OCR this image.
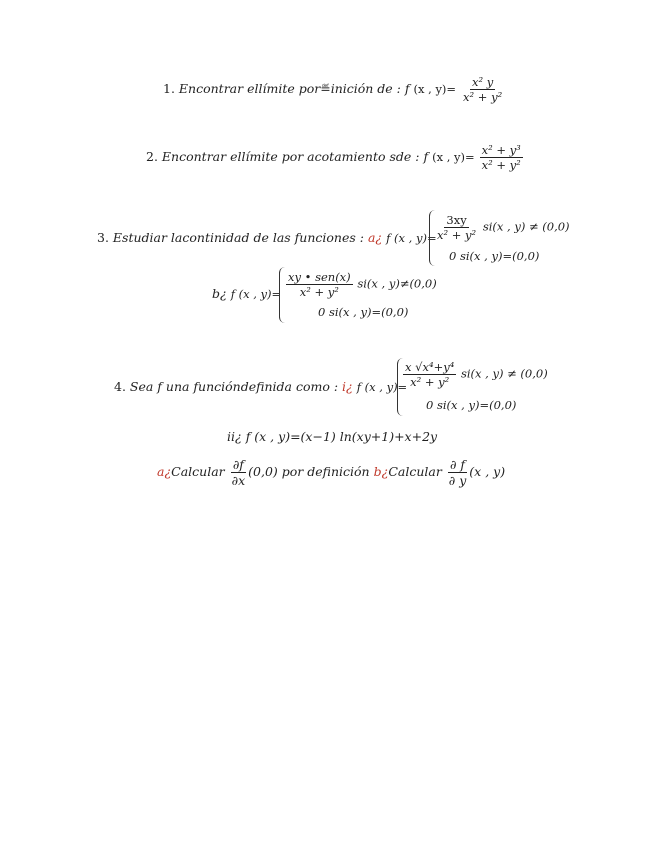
1. Encontrar ellímite por≝inición de : f (x , $y)= \frac{\text{x² y}}{\text{x² + y²}}$
2. Encontrar ellímite por acotamiento sde : f (x , $y)= \frac{\text{x² + y³}}{\text{x² + y²}}$
3. Estudiar lacontinidad de las funciones : a¿ f (x , y)=
$\frac{3xy}{\text{x² + y²}} si(x$ , y) ≠ (0,0)
0 si(x , y)=(0,0)
b¿ f (x , $y)= \frac{\text{xy • sen(x)}}{\text{x² + y²}} si(x$ , y)≠(0,0)
0 si(x , y)=(0,0)
4. Sea f una funcióndefinida como : i¿ f (x , y)=
$\frac{\text{x √x⁴+y⁴}}{\text{x² + y²}} si(x$ , y) ≠ (0,0)
0 si(x , y)=(0,0)
ii¿ f (x , y)=(x−1) ln(xy+1)+x+2y
a¿Calcular $\frac{\partial f}{\partial x} (0,0)$ por definición b¿Calcular $\frac{\partial f}{\partial y} (x$ , y)
